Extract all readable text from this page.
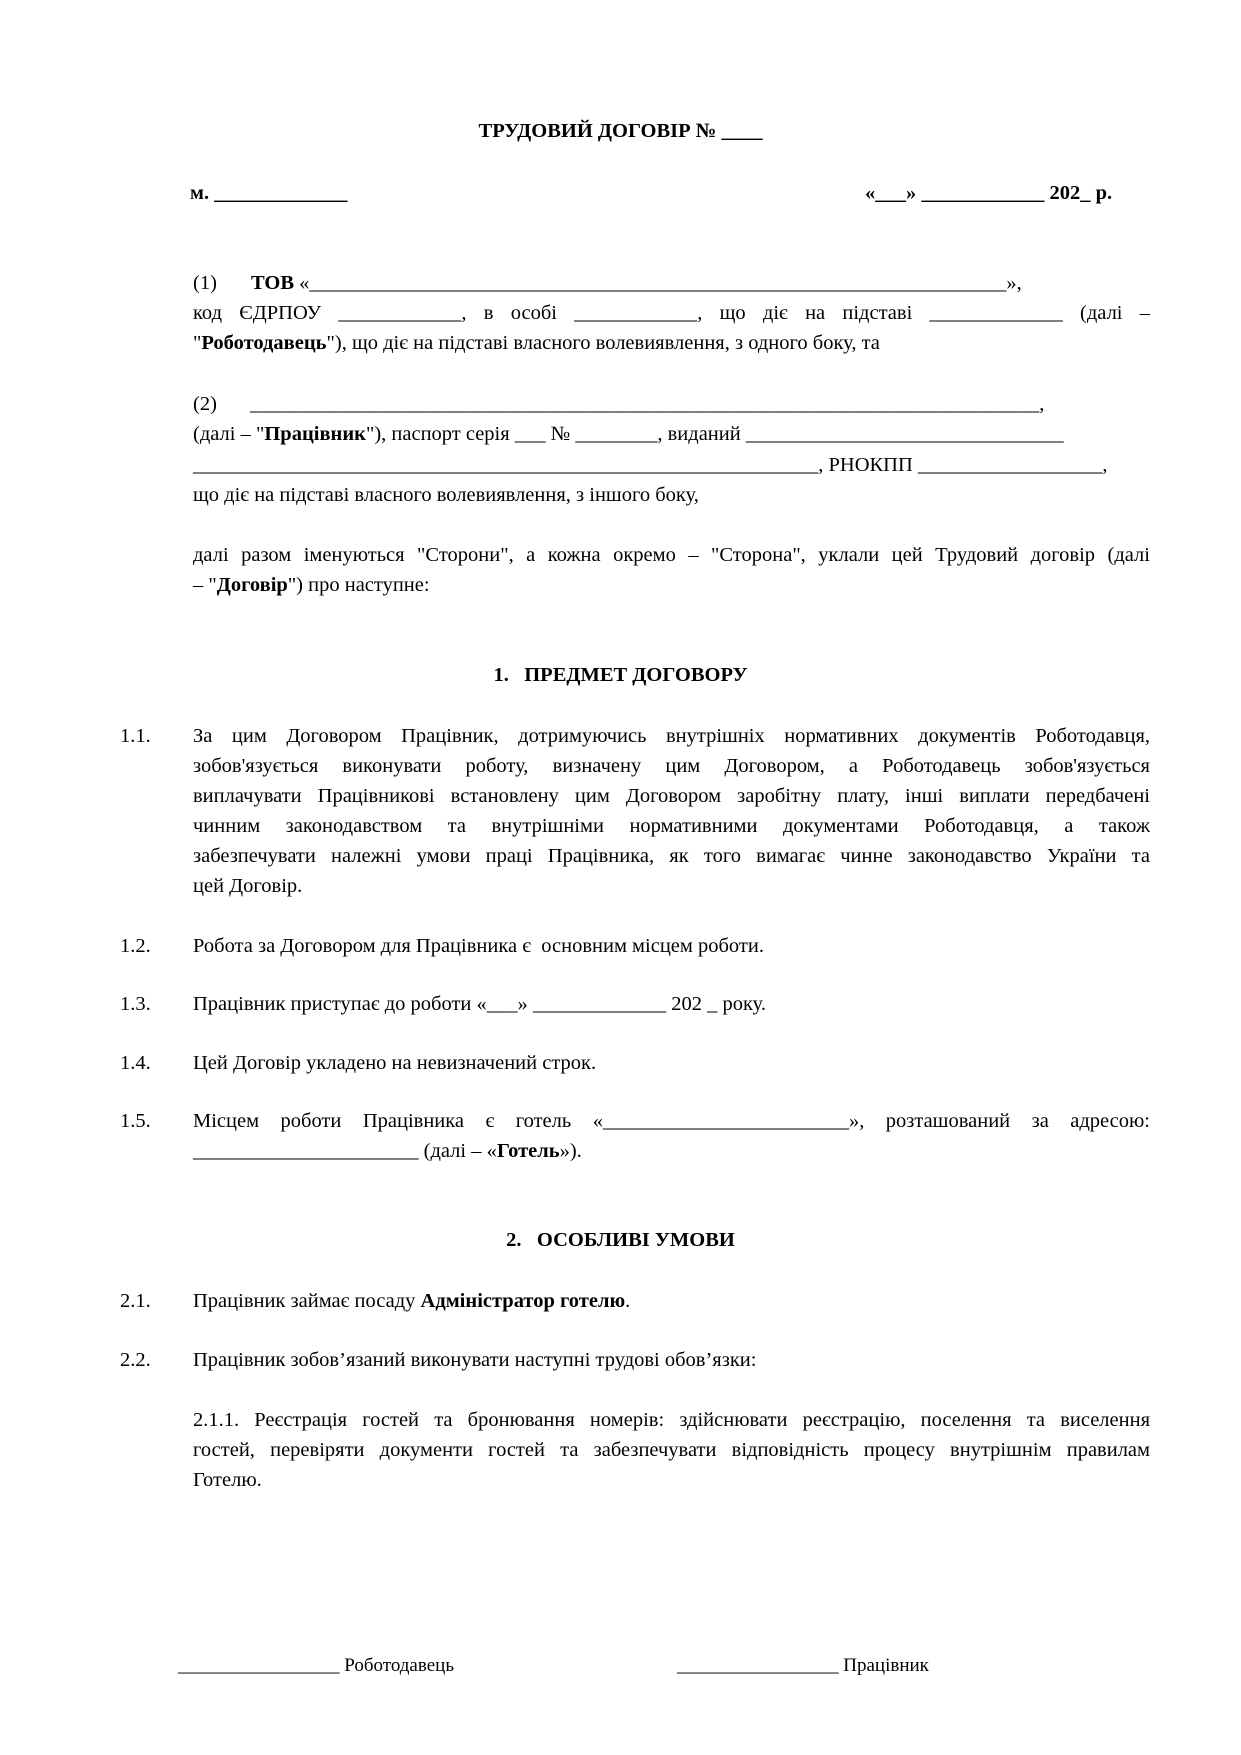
ТРУДОВИЙ ДОГОВІР № ____
м. _____________	«___» ____________ 202_ р.
(1) ТОВ «____________________________________________________________________»,
код ЄДРПОУ ____________, в особі ____________, що діє на підставі _____________ (далі –
"Роботодавець"), що діє на підставі власного волевиявлення, з одного боку, та
(2) _____________________________________________________________________________,
(далі – "Працівник"), паспорт серія ___ № ________, виданий _______________________________
_____________________________________________________________, РНОКПП __________________,
що діє на підставі власного волевиявлення, з іншого боку,
далі разом іменуються "Сторони", а кожна окремо – "Сторона", уклали цей Трудовий договір (далі
– "Договір") про наступне:
1.   ПРЕДМЕТ ДОГОВОРУ
1.1. За цим Договором Працівник, дотримуючись внутрішніх нормативних документів Роботодавця,
зобов'язується виконувати роботу, визначену цим Договором, а Роботодавець зобов'язується
виплачувати Працівникові встановлену цим Договором заробітну плату, інші виплати передбачені
чинним законодавством та внутрішніми нормативними документами Роботодавця, а також
забезпечувати належні умови праці Працівника, як того вимагає чинне законодавство України та
цей Договір.
1.2. Робота за Договором для Працівника є  основним місцем роботи.
1.3. Працівник приступає до роботи «___» _____________ 202 _ року.
1.4. Цей Договір укладено на невизначений строк.
1.5. Місцем роботи Працівника є готель «________________________», розташований за адресою:
______________________ (далі – «Готель»).
2.   ОСОБЛИВІ УМОВИ
2.1. Працівник займає посаду Адміністратор готелю.
2.2. Працівник зобов’язаний виконувати наступні трудові обов’язки:
2.1.1. Реєстрація гостей та бронювання номерів: здійснювати реєстрацію, поселення та виселення
гостей, перевіряти документи гостей та забезпечувати відповідність процесу внутрішнім правилам
Готелю.
_________________ Роботодавець	_________________ Працівник
